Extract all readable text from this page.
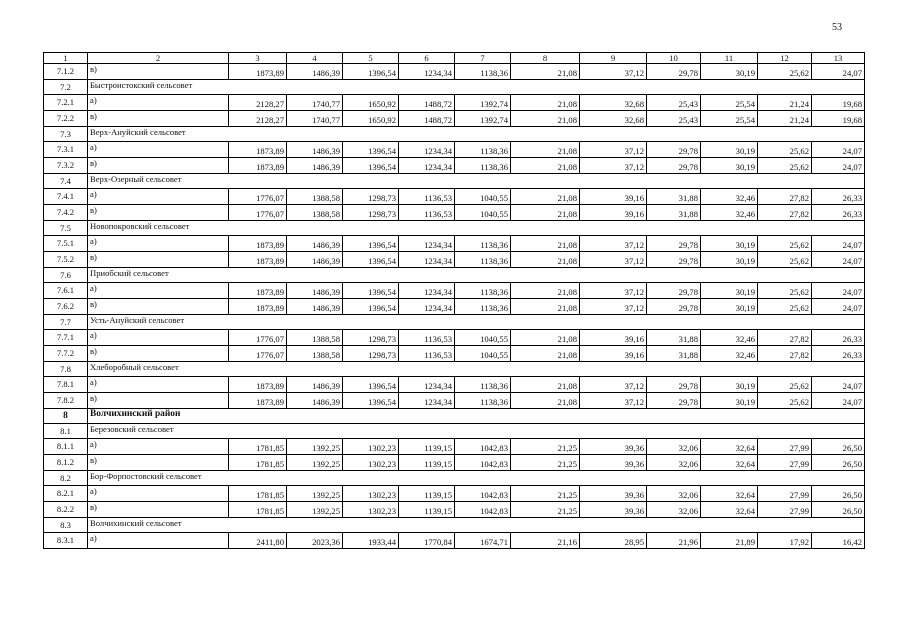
53
1	2	3	4	5	6	7	8	9	10	11	12	13
7.1.2	в)	1873,89	1486,39	1396,54	1234,34	1138,36	21,08	37,12	29,78	30,19	25,62	24,07
7.2	Быстроистокский сельсовет											
7.2.1	а)	2128,27	1740,77	1650,92	1488,72	1392,74	21,08	32,68	25,43	25,54	21,24	19,68
7.2.2	в)	2128,27	1740,77	1650,92	1488,72	1392,74	21,08	32,68	25,43	25,54	21,24	19,68
7.3	Верх-Ануйский сельсовет											
7.3.1	а)	1873,89	1486,39	1396,54	1234,34	1138,36	21,08	37,12	29,78	30,19	25,62	24,07
7.3.2	в)	1873,89	1486,39	1396,54	1234,34	1138,36	21,08	37,12	29,78	30,19	25,62	24,07
7.4	Верх-Озерный сельсовет											
7.4.1	а)	1776,07	1388,58	1298,73	1136,53	1040,55	21,08	39,16	31,88	32,46	27,82	26,33
7.4.2	в)	1776,07	1388,58	1298,73	1136,53	1040,55	21,08	39,16	31,88	32,46	27,82	26,33
7.5	Новопокровский сельсовет											
7.5.1	а)	1873,89	1486,39	1396,54	1234,34	1138,36	21,08	37,12	29,78	30,19	25,62	24,07
7.5.2	в)	1873,89	1486,39	1396,54	1234,34	1138,36	21,08	37,12	29,78	30,19	25,62	24,07
7.6	Приобский сельсовет											
7.6.1	а)	1873,89	1486,39	1396,54	1234,34	1138,36	21,08	37,12	29,78	30,19	25,62	24,07
7.6.2	в)	1873,89	1486,39	1396,54	1234,34	1138,36	21,08	37,12	29,78	30,19	25,62	24,07
7.7	Усть-Ануйский сельсовет											
7.7.1	а)	1776,07	1388,58	1298,73	1136,53	1040,55	21,08	39,16	31,88	32,46	27,82	26,33
7.7.2	в)	1776,07	1388,58	1298,73	1136,53	1040,55	21,08	39,16	31,88	32,46	27,82	26,33
7.8	Хлеборобный сельсовет											
7.8.1	а)	1873,89	1486,39	1396,54	1234,34	1138,36	21,08	37,12	29,78	30,19	25,62	24,07
7.8.2	в)	1873,89	1486,39	1396,54	1234,34	1138,36	21,08	37,12	29,78	30,19	25,62	24,07
8	Волчихинский район											
8.1	Березовский сельсовет											
8.1.1	а)	1781,85	1392,25	1302,23	1139,15	1042,83	21,25	39,36	32,06	32,64	27,99	26,50
8.1.2	в)	1781,85	1392,25	1302,23	1139,15	1042,83	21,25	39,36	32,06	32,64	27,99	26,50
8.2	Бор-Форпостовский сельсовет											
8.2.1	а)	1781,85	1392,25	1302,23	1139,15	1042,83	21,25	39,36	32,06	32,64	27,99	26,50
8.2.2	в)	1781,85	1392,25	1302,23	1139,15	1042,83	21,25	39,36	32,06	32,64	27,99	26,50
8.3	Волчихинский сельсовет											
8.3.1	а)	2411,80	2023,36	1933,44	1770,84	1674,71	21,16	28,95	21,96	21,89	17,92	16,42
